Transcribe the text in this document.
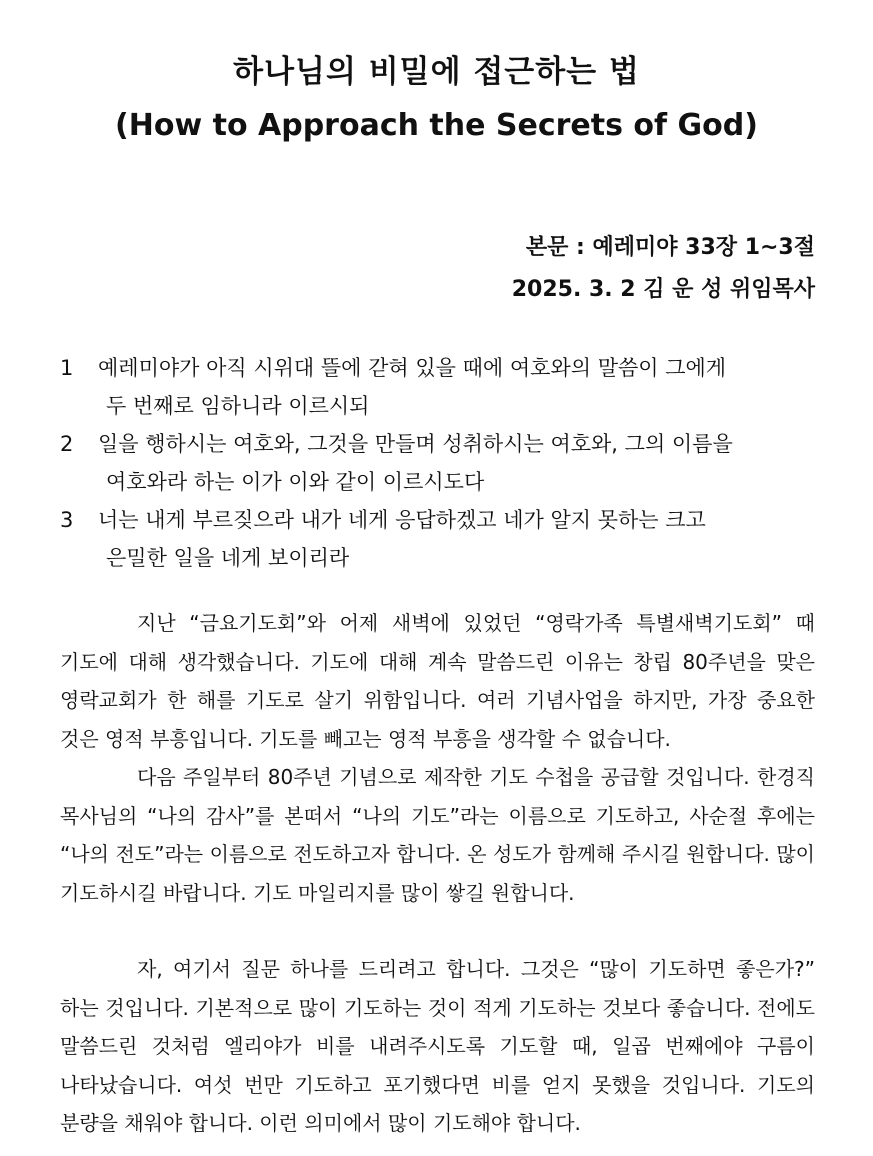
하나님의 비밀에 접근하는 법
(How to Approach the Secrets of God)
본문 : 예레미야 33장 1~3절
2025. 3. 2 김 운 성 위임목사
1 예레미야가 아직 시위대 뜰에 갇혀 있을 때에 여호와의 말씀이 그에게
두 번째로 임하니라 이르시되
2 일을 행하시는 여호와, 그것을 만들며 성취하시는 여호와, 그의 이름을
여호와라 하는 이가 이와 같이 이르시도다
3 너는 내게 부르짖으라 내가 네게 응답하겠고 네가 알지 못하는 크고
은밀한 일을 네게 보이리라

지난 “금요기도회”와 어제 새벽에 있었던 “영락가족 특별새벽기도회” 때 기도에 대해 생각했습니다. 기도에 대해 계속 말씀드린 이유는 창립 80주년을 맞은 영락교회가 한 해를 기도로 살기 위함입니다. 여러 기념사업을 하지만, 가장 중요한 것은 영적 부흥입니다. 기도를 빼고는 영적 부흥을 생각할 수 없습니다.

다음 주일부터 80주년 기념으로 제작한 기도 수첩을 공급할 것입니다. 한경직 목사님의 “나의 감사”를 본떠서 “나의 기도”라는 이름으로 기도하고, 사순절 후에는 “나의 전도”라는 이름으로 전도하고자 합니다. 온 성도가 함께해 주시길 원합니다. 많이 기도하시길 바랍니다. 기도 마일리지를 많이 쌓길 원합니다.

자, 여기서 질문 하나를 드리려고 합니다. 그것은 “많이 기도하면 좋은가?” 하는 것입니다. 기본적으로 많이 기도하는 것이 적게 기도하는 것보다 좋습니다. 전에도 말씀드린 것처럼 엘리야가 비를 내려주시도록 기도할 때, 일곱 번째에야 구름이 나타났습니다. 여섯 번만 기도하고 포기했다면 비를 얻지 못했을 것입니다. 기도의 분량을 채워야 합니다. 이런 의미에서 많이 기도해야 합니다.
